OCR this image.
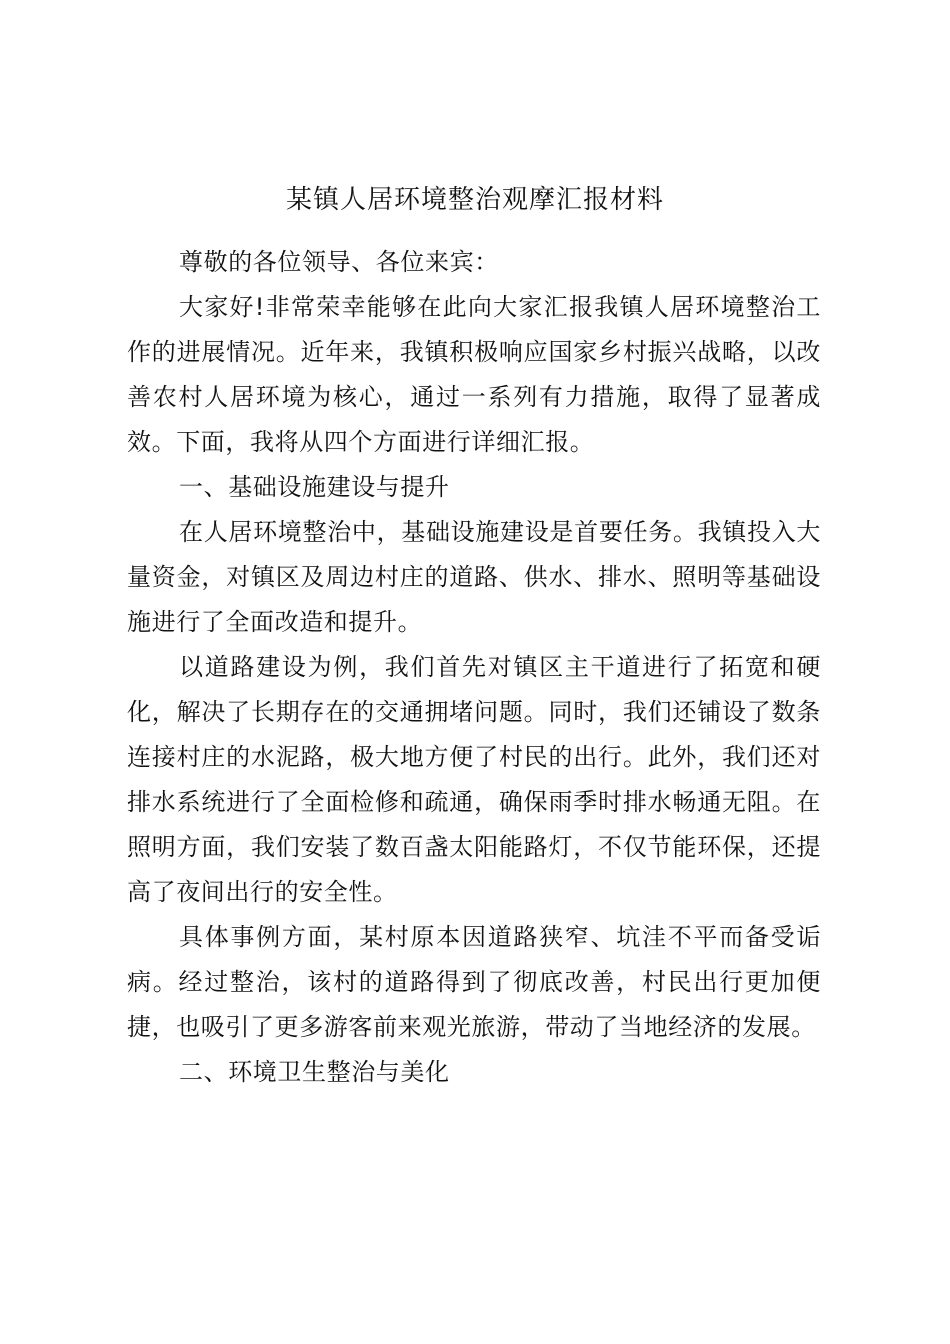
某镇人居环境整治观摩汇报材料

尊敬的各位领导、各位来宾：

大家好!非常荣幸能够在此向大家汇报我镇人居环境整治工作的进展情况。近年来，我镇积极响应国家乡村振兴战略，以改善农村人居环境为核心，通过一系列有力措施，取得了显著成效。下面，我将从四个方面进行详细汇报。

一、基础设施建设与提升

在人居环境整治中，基础设施建设是首要任务。我镇投入大量资金，对镇区及周边村庄的道路、供水、排水、照明等基础设施进行了全面改造和提升。

以道路建设为例，我们首先对镇区主干道进行了拓宽和硬化，解决了长期存在的交通拥堵问题。同时，我们还铺设了数条连接村庄的水泥路，极大地方便了村民的出行。此外，我们还对排水系统进行了全面检修和疏通，确保雨季时排水畅通无阻。在照明方面，我们安装了数百盏太阳能路灯，不仅节能环保，还提高了夜间出行的安全性。

具体事例方面，某村原本因道路狭窄、坑洼不平而备受诟病。经过整治，该村的道路得到了彻底改善，村民出行更加便捷，也吸引了更多游客前来观光旅游，带动了当地经济的发展。

二、环境卫生整治与美化
